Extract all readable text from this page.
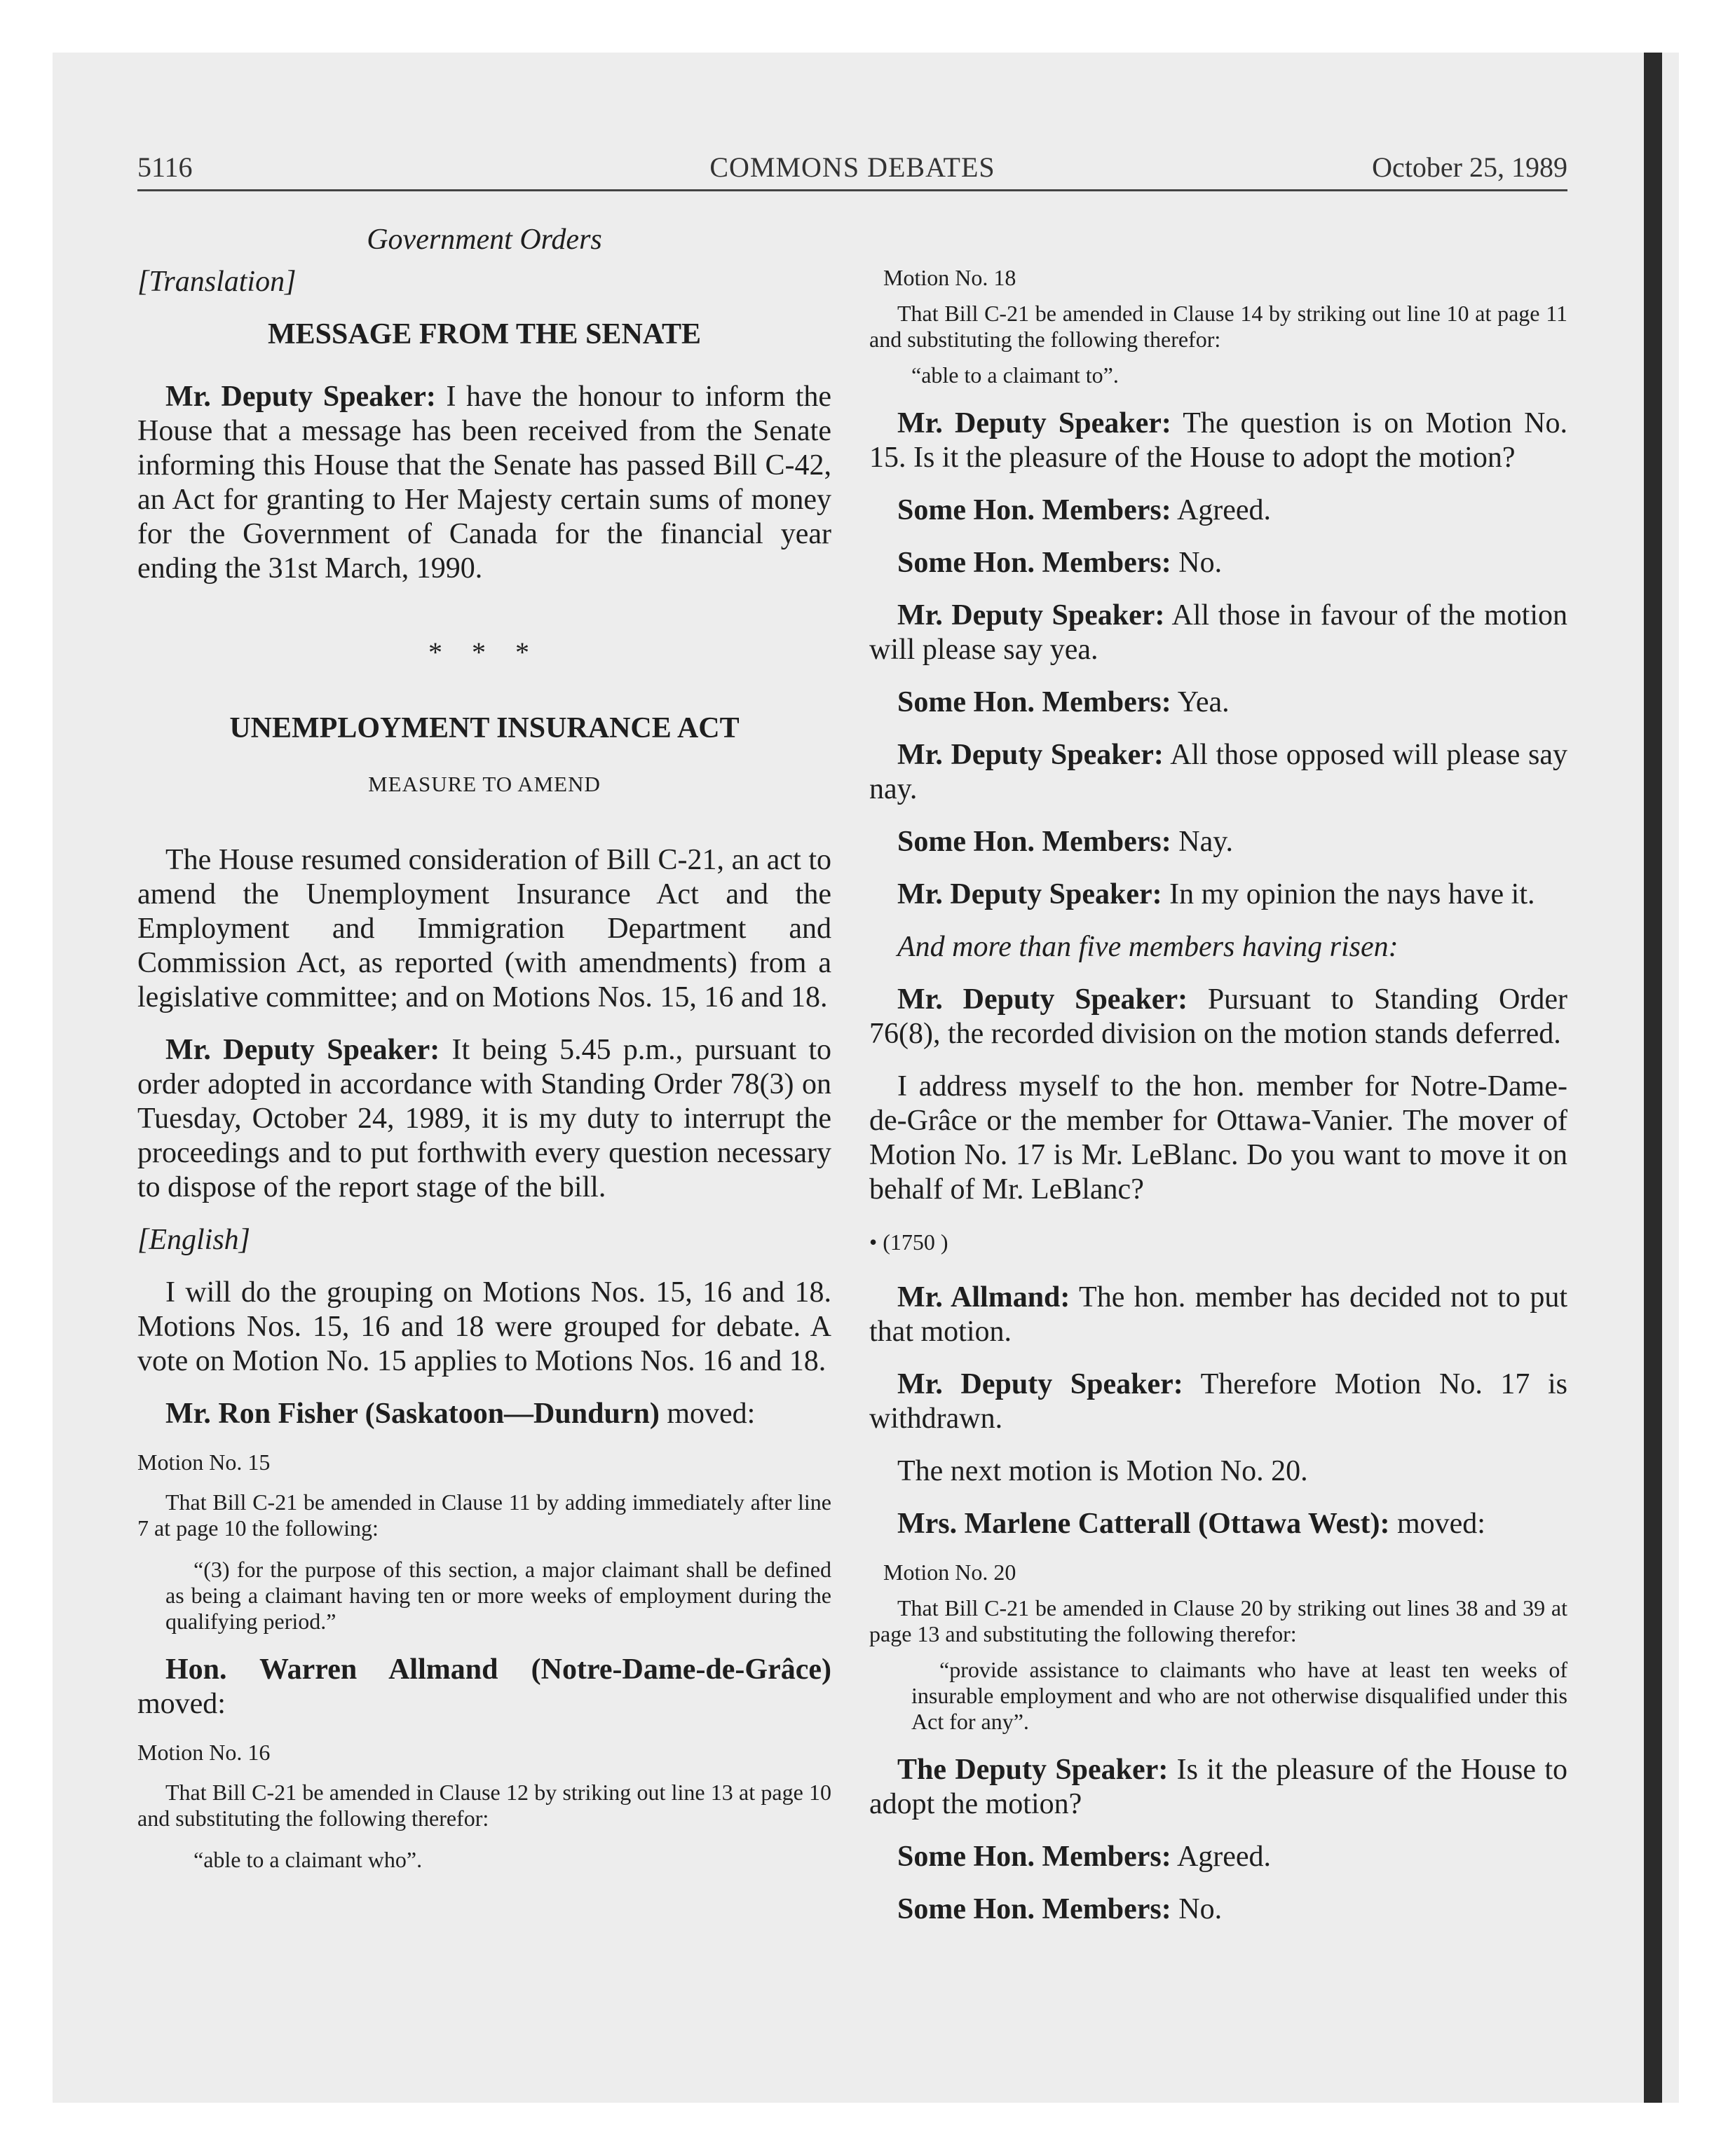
5116	COMMONS DEBATES	October 25, 1989
Government Orders

[Translation]

MESSAGE FROM THE SENATE

Mr. Deputy Speaker: I have the honour to inform the House that a message has been received from the Senate informing this House that the Senate has passed Bill C-42, an Act for granting to Her Majesty certain sums of money for the Government of Canada for the financial year ending the 31st March, 1990.

* * *
UNEMPLOYMENT INSURANCE ACT
MEASURE TO AMEND

The House resumed consideration of Bill C-21, an act to amend the Unemployment Insurance Act and the Employment and Immigration Department and Commission Act, as reported (with amendments) from a legislative committee; and on Motions Nos. 15, 16 and 18.

Mr. Deputy Speaker: It being 5.45 p.m., pursuant to order adopted in accordance with Standing Order 78(3) on Tuesday, October 24, 1989, it is my duty to interrupt the proceedings and to put forthwith every question necessary to dispose of the report stage of the bill.

[English]

I will do the grouping on Motions Nos. 15, 16 and 18. Motions Nos. 15, 16 and 18 were grouped for debate. A vote on Motion No. 15 applies to Motions Nos. 16 and 18.

Mr. Ron Fisher (Saskatoon—Dundurn) moved:

Motion No. 15

That Bill C-21 be amended in Clause 11 by adding immediately after line 7 at page 10 the following:

“(3) for the purpose of this section, a major claimant shall be defined as being a claimant having ten or more weeks of employment during the qualifying period.”

Hon. Warren Allmand (Notre-Dame-de-Grâce) moved:

Motion No. 16

That Bill C-21 be amended in Clause 12 by striking out line 13 at page 10 and substituting the following therefor:

“able to a claimant who”.

Motion No. 18

That Bill C-21 be amended in Clause 14 by striking out line 10 at page 11 and substituting the following therefor:

“able to a claimant to”.

Mr. Deputy Speaker: The question is on Motion No. 15. Is it the pleasure of the House to adopt the motion?

Some Hon. Members: Agreed.

Some Hon. Members: No.

Mr. Deputy Speaker: All those in favour of the motion will please say yea.

Some Hon. Members: Yea.

Mr. Deputy Speaker: All those opposed will please say nay.

Some Hon. Members: Nay.

Mr. Deputy Speaker: In my opinion the nays have it.

And more than five members having risen:

Mr. Deputy Speaker: Pursuant to Standing Order 76(8), the recorded division on the motion stands deferred.

I address myself to the hon. member for Notre-Dame-de-Grâce or the member for Ottawa-Vanier. The mover of Motion No. 17 is Mr. LeBlanc. Do you want to move it on behalf of Mr. LeBlanc?

• (1750 )

Mr. Allmand: The hon. member has decided not to put that motion.

Mr. Deputy Speaker: Therefore Motion No. 17 is withdrawn.

The next motion is Motion No. 20.

Mrs. Marlene Catterall (Ottawa West): moved:

Motion No. 20

That Bill C-21 be amended in Clause 20 by striking out lines 38 and 39 at page 13 and substituting the following therefor:

“provide assistance to claimants who have at least ten weeks of insurable employment and who are not otherwise disqualified under this Act for any”.

The Deputy Speaker: Is it the pleasure of the House to adopt the motion?

Some Hon. Members: Agreed.

Some Hon. Members: No.
